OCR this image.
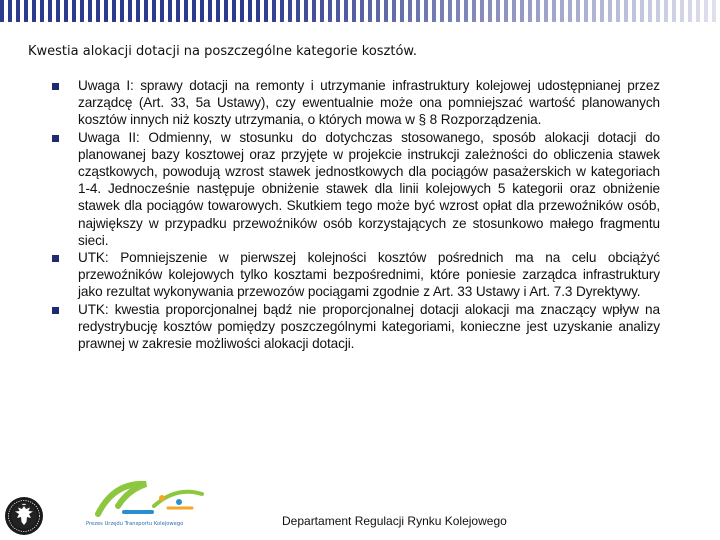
Kwestia alokacji dotacji na poszczególne kategorie kosztów.
Uwaga I: sprawy dotacji na remonty i utrzymanie infrastruktury kolejowej udostępnianej przez zarządcę (Art. 33, 5a Ustawy), czy ewentualnie może ona pomniejszać wartość planowanych kosztów innych niż koszty utrzymania, o których mowa w § 8 Rozporządzenia.
Uwaga II: Odmienny, w stosunku do dotychczas stosowanego, sposób alokacji dotacji do planowanej bazy kosztowej oraz przyjęte w projekcie instrukcji zależności do obliczenia stawek cząstkowych, powodują wzrost stawek jednostkowych dla pociągów pasażerskich w kategoriach 1-4. Jednocześnie następuje obniżenie stawek dla linii kolejowych 5 kategorii oraz obniżenie stawek dla pociągów towarowych. Skutkiem tego może być wzrost opłat dla przewoźników osób, największy w przypadku przewoźników osób korzystających ze stosunkowo małego fragmentu sieci.
UTK: Pomniejszenie w pierwszej kolejności kosztów pośrednich ma na celu obciążyć przewoźników kolejowych tylko kosztami bezpośrednimi, które poniesie zarządca infrastruktury jako rezultat wykonywania przewozów pociągami zgodnie z Art. 33 Ustawy i Art. 7.3 Dyrektywy.
UTK: kwestia proporcjonalnej bądź nie proporcjonalnej dotacji alokacji ma znaczący wpływ na redystrybucję kosztów pomiędzy poszczególnymi kategoriami, konieczne jest uzyskanie analizy prawnej w zakresie możliwości alokacji dotacji.
Prezes Urzędu Transportu Kolejowego	Departament Regulacji Rynku Kolejowego
